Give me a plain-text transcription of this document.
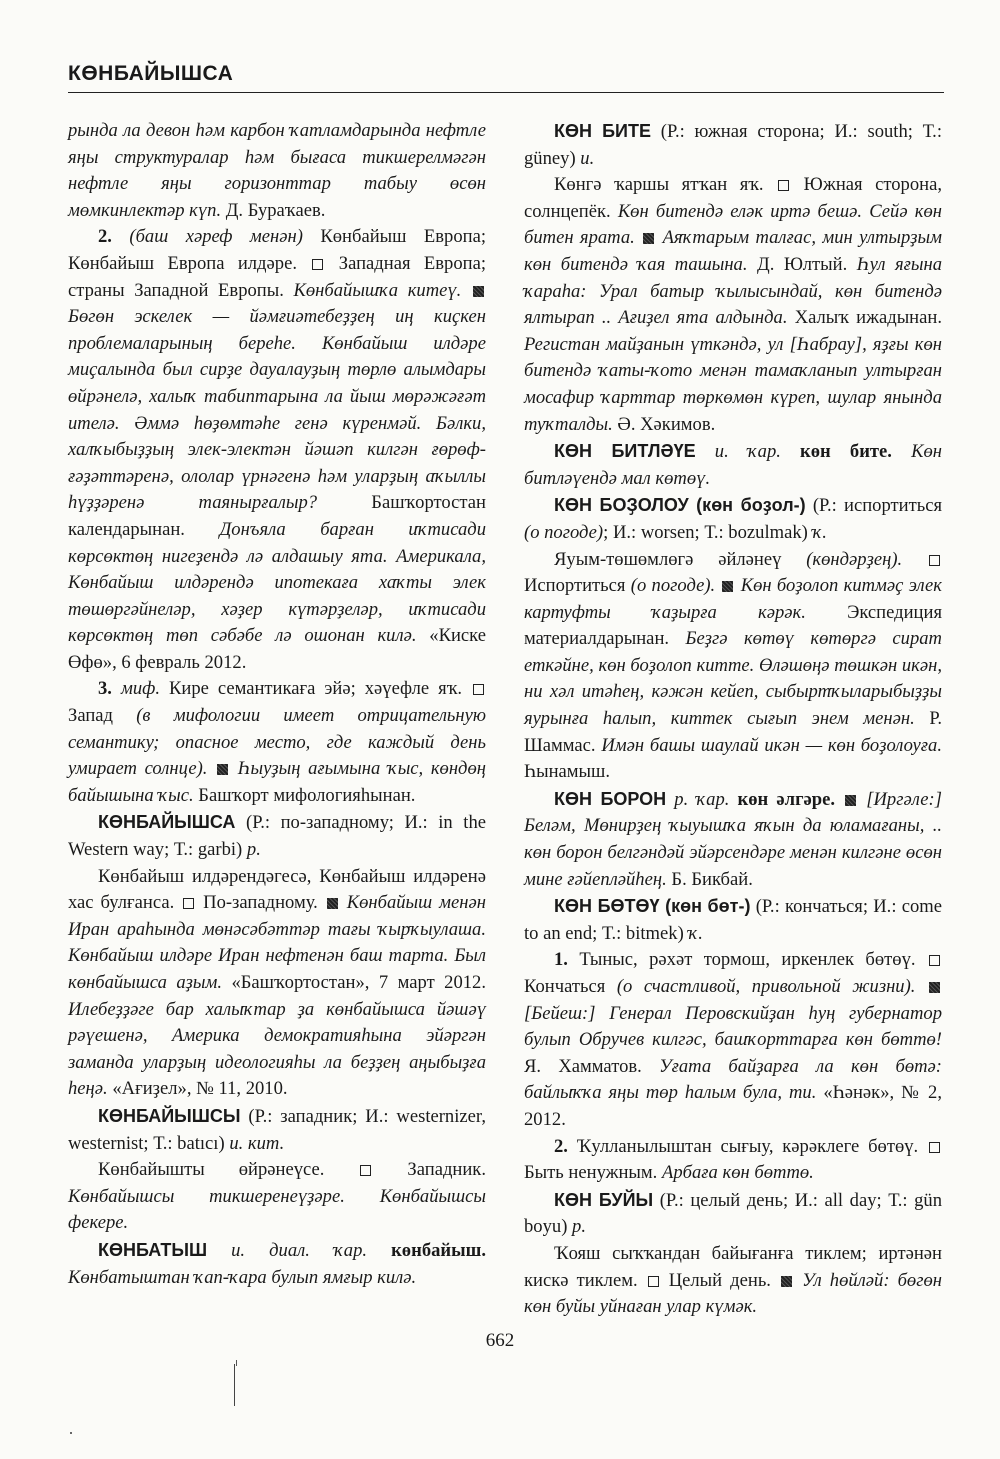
КӨНБАЙЫШСА

рында ла девон һәм карбон ҡатламдарында нефтле яңы структуралар һәм бығаса тикшерелмәгән нефтле яңы горизонттар табыу өсөн мөмкинлектәр күп. Д. Бураҡаев.

2. (баш хәреф менән) Көнбайыш Европа; Көнбайыш Европа илдәре. Западная Европа; страны Западной Европы. Көнбайышҡа китеү.  Бөгөн эскелек — йәмғиәтебеҙҙең иң киҫкен проблемаларының береһе. Көнбайыш илдәре миҫалында был сирҙе дауалауҙың төрлө алымдары өйрәнелә, халыҡ табиптарына ла йыш мөрәжәғәт ителә. Әммә һөҙөмтәһе генә күренмәй. Бәлки, халҡыбыҙҙың элек-электән йәшәп килгән ғөрөф-ғәҙәттәренә, ололар үрнәгенә һәм уларҙың аҡыллы һүҙҙәренә таянырғалыр?	Башҡортостан календарынан. Донъяла барған иҡтисади көрсөктөң нигеҙендә лә алдашыу ята. Америкала, Көнбайыш илдәрендә ипотекаға хаҡты элек төшөргәйнеләр, хәҙер күтәрҙеләр, иҡтисади көрсөктөң төп сәбәбе лә ошонан килә. «Киске Өфө», 6 февраль 2012.

3. миф. Кире семантикаға эйә; хәүефле яҡ.  Запад (в мифологии имеет отрицательную семантику; опасное место, где каждый день умирает солнце). Һыуҙың ағымына ҡыс, көндөң байышына ҡыс. Башҡорт мифологияһынан.

КӨНБАЙЫШСА (Р.: по-западному; И.: in the Western way; Т.: garbi) р.

Көнбайыш илдәрендәгесә, Көнбайыш илдәренә хас булғанса. По-западному. Көнбайыш менән Иран араһында мөнәсәбәттәр тағы ҡырҡыулаша. Көнбайыш илдәре Иран нефтенән баш тарта. Был көнбайышса аҙым. «Башҡортостан», 7 март 2012. Илебеҙҙәге бар халыҡтар ҙа көнбайышса йәшәү рәүешенә, Америка демократияһына эйәргән заманда уларҙың идеологияһы ла беҙҙең аңыбыҙға һеңә. «Ағиҙел», № 11, 2010.

КӨНБАЙЫШСЫ (Р.: западник; И.: westernizer, westernist; Т.: batıcı) и. кит.

Көнбайышты өйрәнеүсе.	Западник. Көнбайышсы тикшеренеүҙәре. Көнбайышсы фекере.

КӨНБАТЫШ и. диал. ҡар. көнбайыш. Көнбатыштан ҡап-ҡара булып ямғыр килә.

КӨН БИТЕ (Р.: южная сторона; И.: south; Т.: güney) и.

Көнгә ҡаршы ятҡан яҡ. Южная сторона, солнцепёк. Көн битендә еләк иртә бешә. Сейә көн битен ярата. Аяҡтарым талғас, мин ултырҙым көн битендә ҡая ташына. Д. Юлтый. Һул яғына ҡараһа: Урал батыр ҡылысындай, көн битендә ялтырап .. Ағиҙел ята алдында. Халыҡ ижадынан. Регистан майҙанын үткәндә, ул [Һабрау], яҙғы көн битендә ҡаты-ҡото менән тамаҡланып ултырған мосафир ҡарттар төркөмөн күреп, шулар янында туҡталды. Ә. Хәкимов.

КӨН БИТЛӘҮЕ и. ҡар. көн бите. Көн битләүендә мал көтөү.

КӨН БОҘОЛОУ (көн боҙол-) (Р.: испортиться (о погоде); И.: worsen; Т.: bozulmak) ҡ.

Яуым-төшөмлөгә әйләнеү (көндәрҙең).  Испортиться (о погоде). Көн боҙолоп китмәҫ элек картуфты ҡаҙырға кәрәк. Экспедиция материалдарынан. Беҙгә көтөү көтөргә сират еткәйне, көн боҙолоп китте. Өләшөңә төшкән икән, ни хәл итәһең, кәжән кейеп, сыбыртҡыларыбыҙҙы яурынға һалып, киттек сығып энем менән. Р. Шаммас. Имән башы шаулай икән — көн боҙолоуға. Һынамыш.

КӨН БОРОН р. ҡар. көн әлгәре. [Иргәле:] Беләм, Мөнирҙең ҡыуышҡа яҡын да юламағаны, .. көн борон белгәндәй эйәрсендәре менән килгәне өсөн мине ғәйепләйһең. Б. Бикбай.

КӨН БӨТӨҮ (көн бөт-) (Р.: кончаться; И.: come to an end; Т.: bitmek) ҡ.

1. Тыныс, рәхәт тормош, иркенлек бөтөү.  Кончаться (о счастливой, привольной жизни).  [Бейеш:] Генерал Перовскийҙан һуң губернатор булып Обручев килгәс, башҡорттарға көн бөттө! Я. Хамматов. Уғата байҙарға ла көн бөтә: байлыҡҡа яңы төр һалым була, ти. «Һәнәк», № 2, 2012.

2. Ҡулланылыштан сығыу, кәрәклеге бөтөү.  Быть ненужным. Арбаға көн бөттө.

КӨН БУЙЫ (Р.: целый день; И.: all day; Т.: gün boyu) р.

Ҡояш сыҡҡандан байығанға тиклем; иртәнән кискә тиклем. Целый день. Ул һөйләй: бөгөн көн буйы уйнаған улар күмәк.

662
